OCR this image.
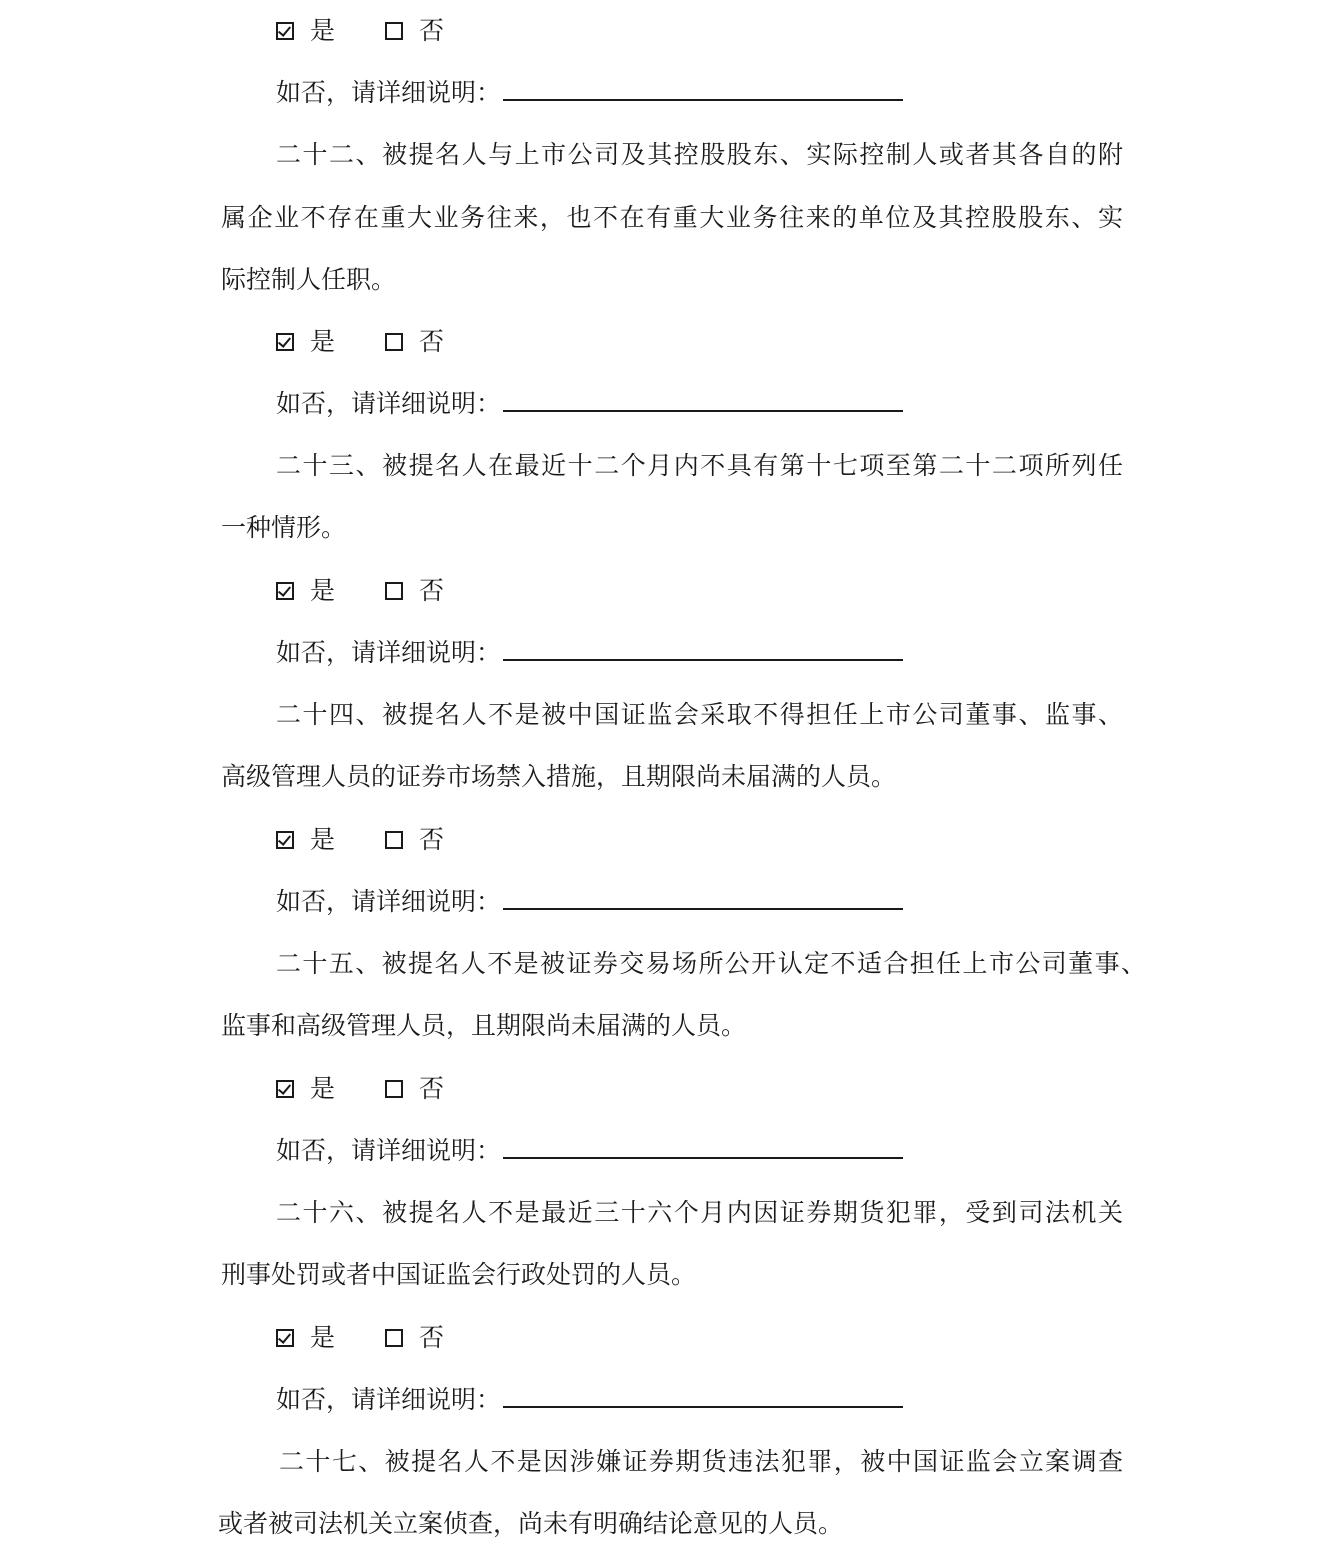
是	否
如否，请详细说明：
二十二、被提名人与上市公司及其控股股东、实际控制人或者其各自的附
属企业不存在重大业务往来，也不在有重大业务往来的单位及其控股股东、实
际控制人任职。
是	否
如否，请详细说明：
二十三、被提名人在最近十二个月内不具有第十七项至第二十二项所列任
一种情形。
是	否
如否，请详细说明：
二十四、被提名人不是被中国证监会采取不得担任上市公司董事、监事、
高级管理人员的证券市场禁入措施，且期限尚未届满的人员。
是	否
如否，请详细说明：
二十五、被提名人不是被证券交易场所公开认定不适合担任上市公司董事、
监事和高级管理人员，且期限尚未届满的人员。
是	否
如否，请详细说明：
二十六、被提名人不是最近三十六个月内因证券期货犯罪，受到司法机关
刑事处罚或者中国证监会行政处罚的人员。
是	否
如否，请详细说明：
二十七、被提名人不是因涉嫌证券期货违法犯罪，被中国证监会立案调查
或者被司法机关立案侦查，尚未有明确结论意见的人员。
